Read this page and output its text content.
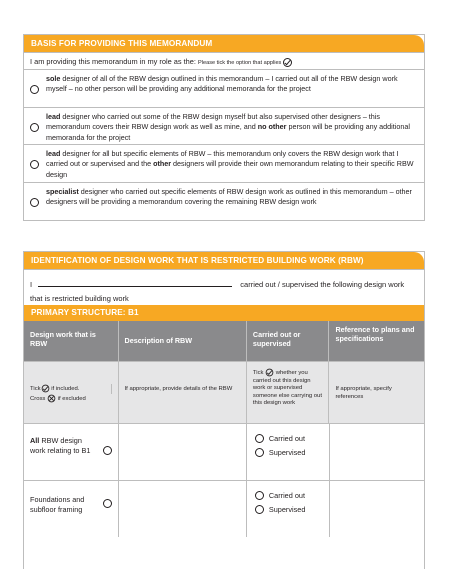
BASIS FOR PROVIDING THIS MEMORANDUM
I am providing this memorandum in my role as the: Please tick the option that applies
sole designer of all of the RBW design outlined in this memorandum – I carried out all of the RBW design work myself – no other person will be providing any additional memoranda for the project
lead designer who carried out some of the RBW design myself but also supervised other designers – this memorandum covers their RBW design work as well as mine, and no other person will be providing any additional memoranda for the project
lead designer for all but specific elements of RBW – this memorandum only covers the RBW design work that I carried out or supervised and the other designers will provide their own memorandum relating to their specific RBW design
specialist designer who carried out specific elements of RBW design work as outlined in this memorandum – other designers will be providing a memorandum covering the remaining RBW design work
IDENTIFICATION OF DESIGN WORK THAT IS RESTRICTED BUILDING WORK (RBW)
I	carried out / supervised the following design work
that is restricted building work
PRIMARY STRUCTURE: B1
Design work that is RBW	Description of RBW
Carried out or supervised
Reference to plans and specifications
Tick if included.
Cross  if excluded
If appropriate, provide details of the RBW
Tick  whether you carried out this design work or supervised someone else carrying out this design work
If appropriate, specify references
All RBW design work relating to B1
Carried out
Supervised
Foundations and subfloor framing
Carried out
Supervised
